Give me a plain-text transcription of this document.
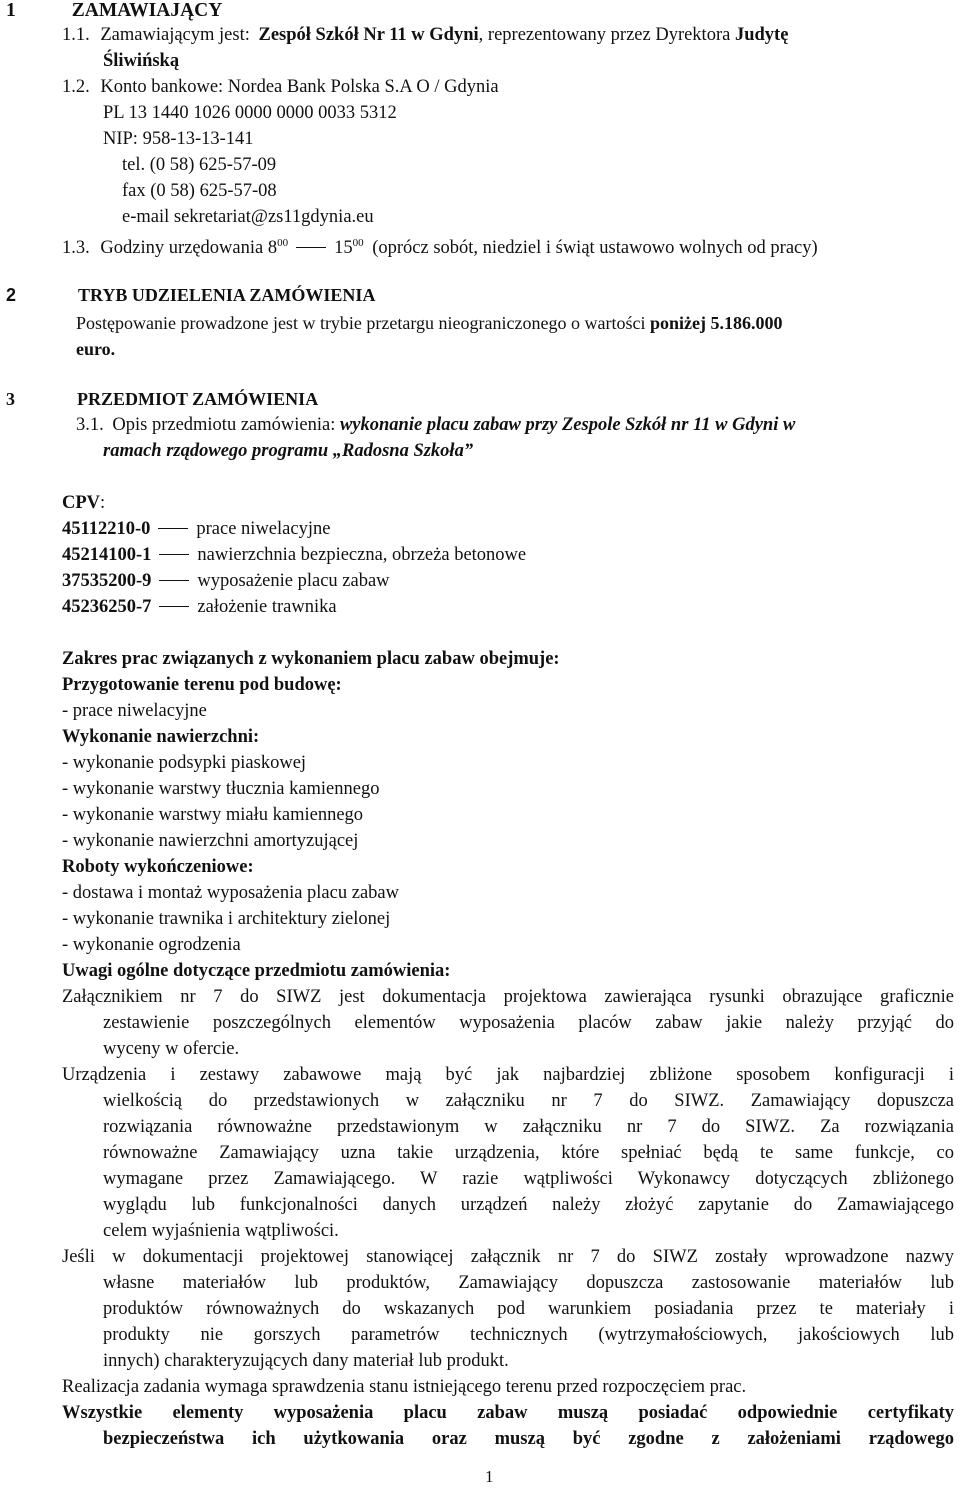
1	ZAMAWIAJĄCY
1.1. Zamawiającym jest: Zespół Szkół Nr 11 w Gdyni, reprezentowany przez Dyrektora Judytę
Śliwińską
1.2. Konto bankowe: Nordea Bank Polska S.A O / Gdynia
PL 13 1440 1026 0000 0000 0033 5312
NIP: 958-13-13-141
tel. (0 58) 625-57-09
fax (0 58) 625-57-08
e-mail sekretariat@zs11gdynia.eu
1.3. Godziny urzędowania $8^{00}$ $15^{00}$ (oprócz sobót, niedziel i świąt ustawowo wolnych od pracy)
2	TRYB UDZIELENIA ZAMÓWIENIA
Postępowanie prowadzone jest w trybie przetargu nieograniczonego o wartości poniżej 5.186.000
euro.
3	PRZEDMIOT ZAMÓWIENIA
3.1. Opis przedmiotu zamówienia: wykonanie placu zabaw przy Zespole Szkół nr 11 w Gdyni w
ramach rządowego programu „Radosna Szkoła”
CPV:
45112210-0 prace niwelacyjne
45214100-1 nawierzchnia bezpieczna, obrzeża betonowe
37535200-9 wyposażenie placu zabaw
45236250-7 założenie trawnika
Zakres prac związanych z wykonaniem placu zabaw obejmuje:
Przygotowanie terenu pod budowę:
- prace niwelacyjne
Wykonanie nawierzchni:
- wykonanie podsypki piaskowej
- wykonanie warstwy tłucznia kamiennego
- wykonanie warstwy miału kamiennego
- wykonanie nawierzchni amortyzującej
Roboty wykończeniowe:
- dostawa i montaż wyposażenia placu zabaw
- wykonanie trawnika i architektury zielonej
- wykonanie ogrodzenia
Uwagi ogólne dotyczące przedmiotu zamówienia:
Załącznikiem nr 7 do SIWZ jest dokumentacja projektowa zawierająca rysunki obrazujące graficznie
zestawienie poszczególnych elementów wyposażenia placów zabaw jakie należy przyjąć do
wyceny w ofercie.
Urządzenia i zestawy zabawowe mają być jak najbardziej zbliżone sposobem konfiguracji i
wielkością do przedstawionych w załączniku nr 7 do SIWZ. Zamawiający dopuszcza
rozwiązania równoważne przedstawionym w załączniku nr 7 do SIWZ. Za rozwiązania
równoważne Zamawiający uzna takie urządzenia, które spełniać będą te same funkcje, co
wymagane przez Zamawiającego. W razie wątpliwości Wykonawcy dotyczących zbliżonego
wyglądu lub funkcjonalności danych urządzeń należy złożyć zapytanie do Zamawiającego
celem wyjaśnienia wątpliwości.
Jeśli w dokumentacji projektowej stanowiącej załącznik nr 7 do SIWZ zostały wprowadzone nazwy
własne materiałów lub produktów, Zamawiający dopuszcza zastosowanie materiałów lub
produktów równoważnych do wskazanych pod warunkiem posiadania przez te materiały i
produkty nie gorszych parametrów technicznych (wytrzymałościowych, jakościowych lub
innych) charakteryzujących dany materiał lub produkt.
Realizacja zadania wymaga sprawdzenia stanu istniejącego terenu przed rozpoczęciem prac.
Wszystkie elementy wyposażenia placu zabaw muszą posiadać odpowiednie certyfikaty
bezpieczeństwa ich użytkowania oraz muszą być zgodne z założeniami rządowego
1
